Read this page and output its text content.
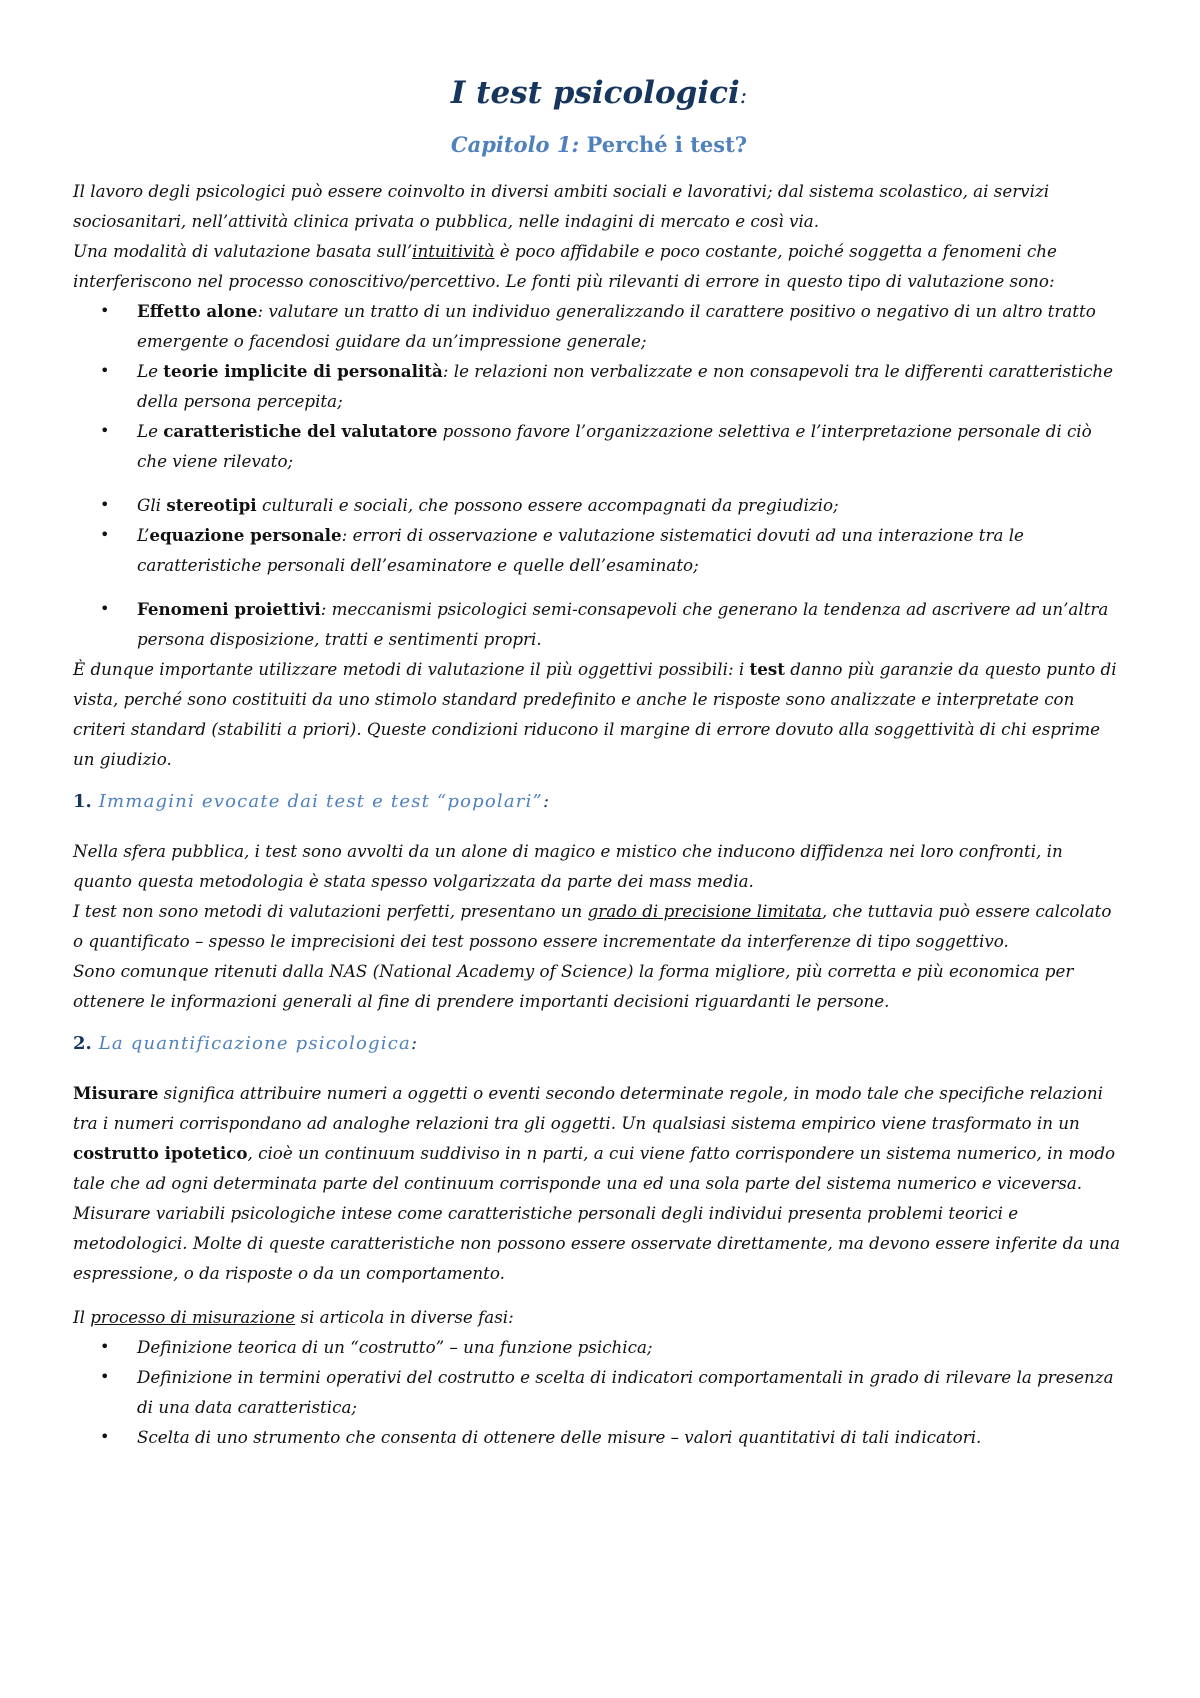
I test psicologici:
Capitolo 1: Perché i test?

Il lavoro degli psicologici può essere coinvolto in diversi ambiti sociali e lavorativi; dal sistema scolastico, ai servizi sociosanitari, nell’attività clinica privata o pubblica, nelle indagini di mercato e così via.

Una modalità di valutazione basata sull’intuitività è poco affidabile e poco costante, poiché soggetta a fenomeni che interferiscono nel processo conoscitivo/percettivo. Le fonti più rilevanti di errore in questo tipo di valutazione sono:

• Effetto alone: valutare un tratto di un individuo generalizzando il carattere positivo o negativo di un altro tratto emergente o facendosi guidare da un’impressione generale;
• Le teorie implicite di personalità: le relazioni non verbalizzate e non consapevoli tra le differenti caratteristiche della persona percepita;
• Le caratteristiche del valutatore possono favore l’organizzazione selettiva e l’interpretazione personale di ciò che viene rilevato;
• Gli stereotipi culturali e sociali, che possono essere accompagnati da pregiudizio;
• L’equazione personale: errori di osservazione e valutazione sistematici dovuti ad una interazione tra le caratteristiche personali dell’esaminatore e quelle dell’esaminato;
• Fenomeni proiettivi: meccanismi psicologici semi-consapevoli che generano la tendenza ad ascrivere ad un’altra persona disposizione, tratti e sentimenti propri.

È dunque importante utilizzare metodi di valutazione il più oggettivi possibili: i test danno più garanzie da questo punto di vista, perché sono costituiti da uno stimolo standard predefinito e anche le risposte sono analizzate e interpretate con criteri standard (stabiliti a priori). Queste condizioni riducono il margine di errore dovuto alla soggettività di chi esprime un giudizio.

1. Immagini evocate dai test e test “popolari”:

Nella sfera pubblica, i test sono avvolti da un alone di magico e mistico che inducono diffidenza nei loro confronti, in quanto questa metodologia è stata spesso volgarizzata da parte dei mass media.

I test non sono metodi di valutazioni perfetti, presentano un grado di precisione limitata, che tuttavia può essere calcolato o quantificato – spesso le imprecisioni dei test possono essere incrementate da interferenze di tipo soggettivo.

Sono comunque ritenuti dalla NAS (National Academy of Science) la forma migliore, più corretta e più economica per ottenere le informazioni generali al fine di prendere importanti decisioni riguardanti le persone.

2. La quantificazione psicologica:

Misurare significa attribuire numeri a oggetti o eventi secondo determinate regole, in modo tale che specifiche relazioni tra i numeri corrispondano ad analoghe relazioni tra gli oggetti. Un qualsiasi sistema empirico viene trasformato in un costrutto ipotetico, cioè un continuum suddiviso in n parti, a cui viene fatto corrispondere un sistema numerico, in modo tale che ad ogni determinata parte del continuum corrisponde una ed una sola parte del sistema numerico e viceversa.

Misurare variabili psicologiche intese come caratteristiche personali degli individui presenta problemi teorici e metodologici. Molte di queste caratteristiche non possono essere osservate direttamente, ma devono essere inferite da una espressione, o da risposte o da un comportamento.

Il processo di misurazione si articola in diverse fasi:

• Definizione teorica di un “costrutto” – una funzione psichica;
• Definizione in termini operativi del costrutto e scelta di indicatori comportamentali in grado di rilevare la presenza di una data caratteristica;
• Scelta di uno strumento che consenta di ottenere delle misure – valori quantitativi di tali indicatori.
